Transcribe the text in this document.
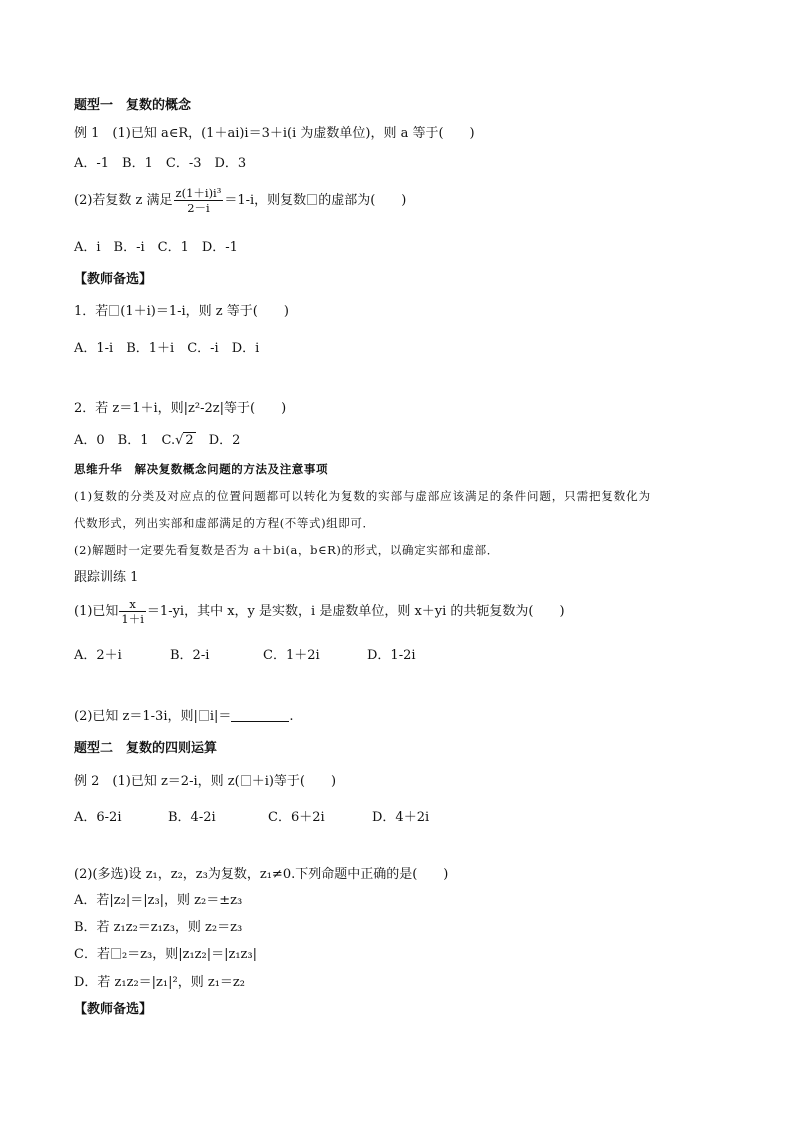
题型一　复数的概念
例 1　(1)已知 a∈R，(1＋ai)i＝3＋i(i 为虚数单位)，则 a 等于(　　)
A．-1　B．1　C．-3　D．3
(2)若复数 z 满足 $\frac{\text{z(1＋i)i³}}{2-i} =1-i$，则复数 的虚部为(　　)
A．i　B．-i　C．1　D．-1
【教师备选】
1．若 (1＋i)＝1-i，则 z 等于(　　)
A．1-i　B．1＋i　C．-i　D．i
2．若 z＝1＋i，则|z²-2z|等于(　　)
A．0　B．1　C.√ 2　D．2
思维升华　解决复数概念问题的方法及注意事项
(1)复数的分类及对应点的位置问题都可以转化为复数的实部与虚部应该满足的条件问题，只需把复数化为
代数形式，列出实部和虚部满足的方程(不等式)组即可．
(2)解题时一定要先看复数是否为 a＋bi(a，b∈R)的形式，以确定实部和虚部．
跟踪训练 1
(1)已知 $\frac{x}{1+i} =1-yi$，其中 x，y 是实数，i 是虚数单位，则 x＋yi 的共轭复数为(　　)
A．2＋i	B．2-i	C．1＋2i	D．1-2i
(2)已知 z＝1-3i，则| i|＝	.
题型二　复数的四则运算
例 2　(1)已知 z＝2-i，则 z( ＋i)等于(　　)
A．6-2i	B．4-2i	C．6＋2i	D．4＋2i
(2)(多选)设 z₁，z₂，z₃为复数，z₁≠0.下列命题中正确的是(　　)
A．若|z₂|＝|z₃|，则 z₂＝±z₃
B．若 z₁z₂＝z₁z₃，则 z₂＝z₃
C．若 ₂＝z₃，则|z₁z₂|＝|z₁z₃|
D．若 z₁z₂＝|z₁|²，则 z₁＝z₂
【教师备选】
